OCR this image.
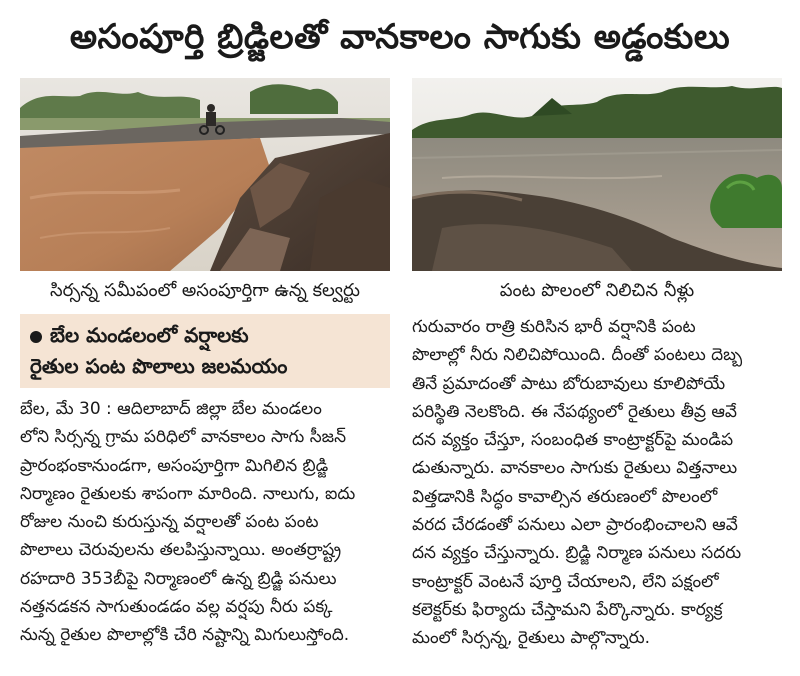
అసంపూర్తి బ్రిడ్జిలతో వానకాలం సాగుకు అడ్డంకులు
సిర్సన్న సమీపంలో అసంపూర్తిగా ఉన్న కల్వర్టు	పంట పొలంలో నిలిచిన నీళ్లు
బేల మండలంలో వర్షాలకు
రైతుల పంట పొలాలు జలమయం
బేల, మే 30 : ఆదిలాబాద్ జిల్లా బేల మండలం
లోని సిర్సన్న గ్రామ పరిధిలో వానకాలం సాగు సీజన్
ప్రారంభంకానుండగా, అసంపూర్తిగా మిగిలిన బ్రిడ్జి
నిర్మాణం రైతులకు శాపంగా మారింది. నాలుగు, ఐదు
రోజుల నుంచి కురుస్తున్న వర్షాలతో పంట పంట
పొలాలు చెరువులను తలపిస్తున్నాయి. అంతర్రాష్ట్ర
రహదారి 353బీపై నిర్మాణంలో ఉన్న బ్రిడ్జి పనులు
నత్తనడకన సాగుతుండడం వల్ల వర్షపు నీరు పక్క
నున్న రైతుల పొలాల్లోకి చేరి నష్టాన్ని మిగులుస్తోంది.
గురువారం రాత్రి కురిసిన భారీ వర్షానికి పంట
పొలాల్లో నీరు నిలిచిపోయింది. దీంతో పంటలు దెబ్బ
తినే ప్రమాదంతో పాటు బోరుబావులు కూలిపోయే
పరిస్థితి నెలకొంది. ఈ నేపథ్యంలో రైతులు తీవ్ర ఆవే
దన వ్యక్తం చేస్తూ, సంబంధిత కాంట్రాక్టర్‌పై మండిప
డుతున్నారు. వానకాలం సాగుకు రైతులు విత్తనాలు
విత్తడానికి సిద్ధం కావాల్సిన తరుణంలో పొలంలో
వరద చేరడంతో పనులు ఎలా ప్రారంభించాలని ఆవే
దన వ్యక్తం చేస్తున్నారు. బ్రిడ్జి నిర్మాణ పనులు సదరు
కాంట్రాక్టర్ వెంటనే పూర్తి చేయాలని, లేని పక్షంలో
కలెక్టర్‌కు ఫిర్యాదు చేస్తామని పేర్కొన్నారు. కార్యక్ర
మంలో సిర్సన్న, రైతులు పాల్గొన్నారు.
